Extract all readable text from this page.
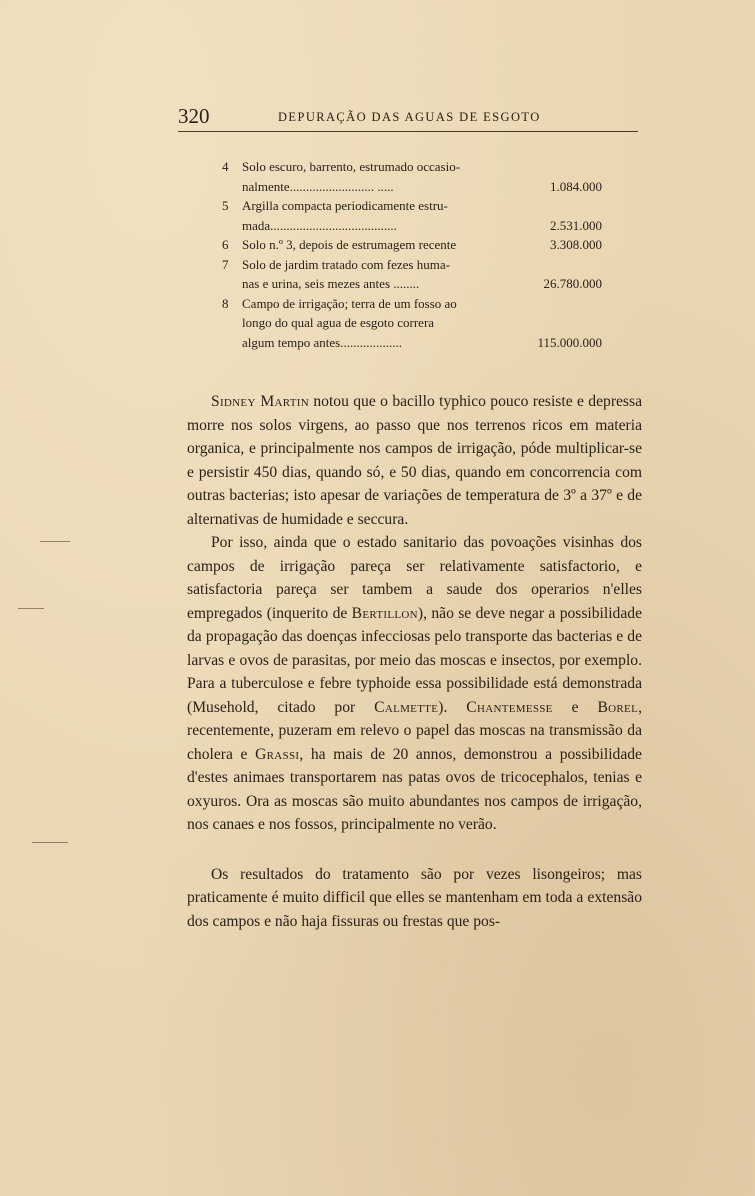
320	DEPURAÇÃO DAS AGUAS DE ESGOTO
4 Solo escuro, barrento, estrumado occasio-
nalmente.......................... .....	1.084.000
5 Argilla compacta periodicamente estru-
mada.......................................	2.531.000
6 Solo n.º 3, depois de estrumagem recente	3.308.000
7 Solo de jardim tratado com fezes huma-
nas e urina, seis mezes antes ........	26.780.000
8 Campo de irrigação; terra de um fosso ao
longo do qual agua de esgoto correra
algum tempo antes...................	115.000.000

Sidney Martin notou que o bacillo typhico pouco resiste e depressa morre nos solos virgens, ao passo que nos terrenos ricos em materia organica, e principalmente nos campos de irrigação, póde multiplicar-se e persistir 450 dias, quando só, e 50 dias, quando em concorrencia com outras bacterias; isto apesar de variações de temperatura de 3º a 37º e de alternativas de humidade e seccura.

Por isso, ainda que o estado sanitario das povoações visinhas dos campos de irrigação pareça ser relativamente satisfactorio, e satisfactoria pareça ser tambem a saude dos operarios n'elles empregados (inquerito de Bertillon), não se deve negar a possibilidade da propagação das doenças infecciosas pelo transporte das bacterias e de larvas e ovos de parasitas, por meio das moscas e insectos, por exemplo. Para a tuberculose e febre typhoide essa possibilidade está demonstrada (Musehold, citado por Calmette). Chantemesse e Borel, recentemente, puzeram em relevo o papel das moscas na transmissão da cholera e Grassi, ha mais de 20 annos, demonstrou a possibilidade d'estes animaes transportarem nas patas ovos de tricocephalos, tenias e oxyuros. Ora as moscas são muito abundantes nos campos de irrigação, nos canaes e nos fossos, principalmente no verão.

Os resultados do tratamento são por vezes lisongeiros; mas praticamente é muito difficil que elles se mantenham em toda a extensão dos campos e não haja fissuras ou frestas que pos-
